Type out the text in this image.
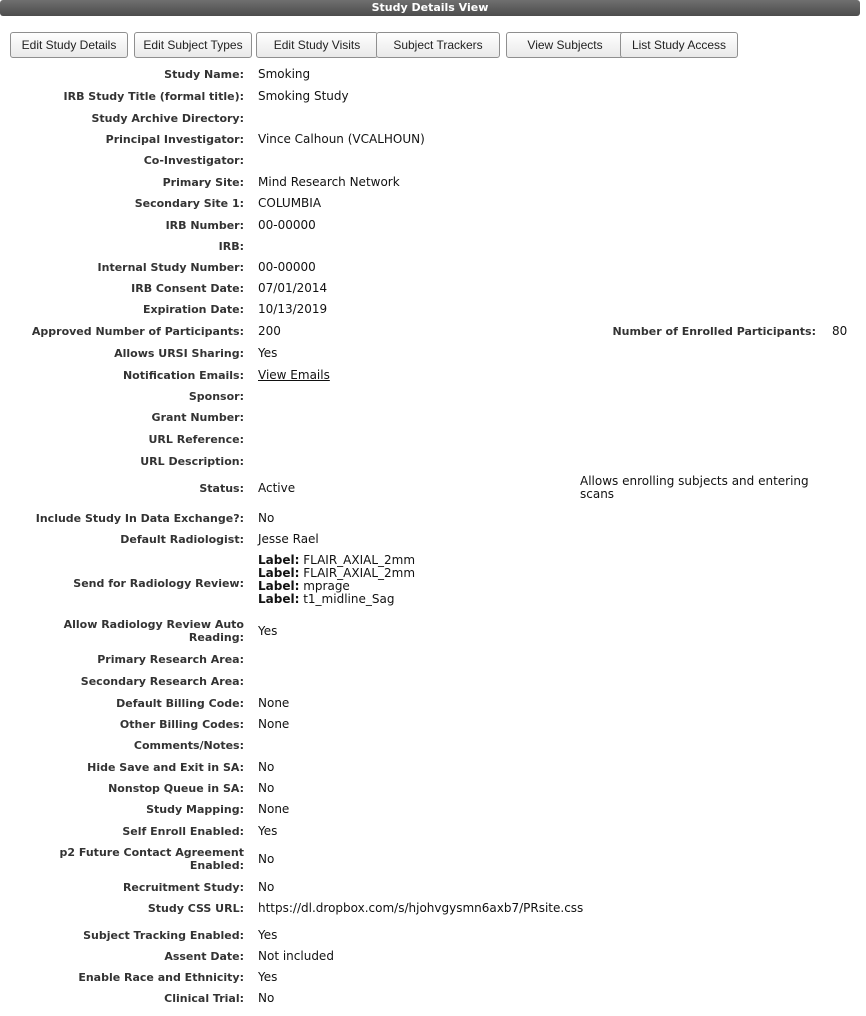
Study Details View
Edit Study Details	Edit Subject Types	Edit Study Visits	Subject Trackers	View Subjects	List Study Access
Study Name: Smoking
IRB Study Title (formal title): Smoking Study
Study Archive Directory:
Principal Investigator: Vince Calhoun (VCALHOUN)
Co-Investigator:
Primary Site: Mind Research Network
Secondary Site 1: COLUMBIA
IRB Number: 00-00000
IRB:
Internal Study Number: 00-00000
IRB Consent Date: 07/01/2014
Expiration Date: 10/13/2019
Approved Number of Participants: 200	Number of Enrolled Participants: 80
Allows URSI Sharing: Yes
Notification Emails: View Emails
Sponsor:
Grant Number:
URL Reference:
URL Description:
Status: Active	Allows enrolling subjects and entering scans
Include Study In Data Exchange?: No
Default Radiologist: Jesse Rael
Send for Radiology Review:
Label: FLAIR_AXIAL_2mm
Label: FLAIR_AXIAL_2mm
Label: mprage
Label: t1_midline_Sag
Allow Radiology Review Auto
Reading: Yes
Primary Research Area:
Secondary Research Area:
Default Billing Code: None
Other Billing Codes: None
Comments/Notes:
Hide Save and Exit in SA: No
Nonstop Queue in SA: No
Study Mapping: None
Self Enroll Enabled: Yes
p2 Future Contact Agreement
Enabled: No
Recruitment Study: No
Study CSS URL: https://dl.dropbox.com/s/hjohvgysmn6axb7/PRsite.css
Subject Tracking Enabled: Yes
Assent Date: Not included
Enable Race and Ethnicity: Yes
Clinical Trial: No
